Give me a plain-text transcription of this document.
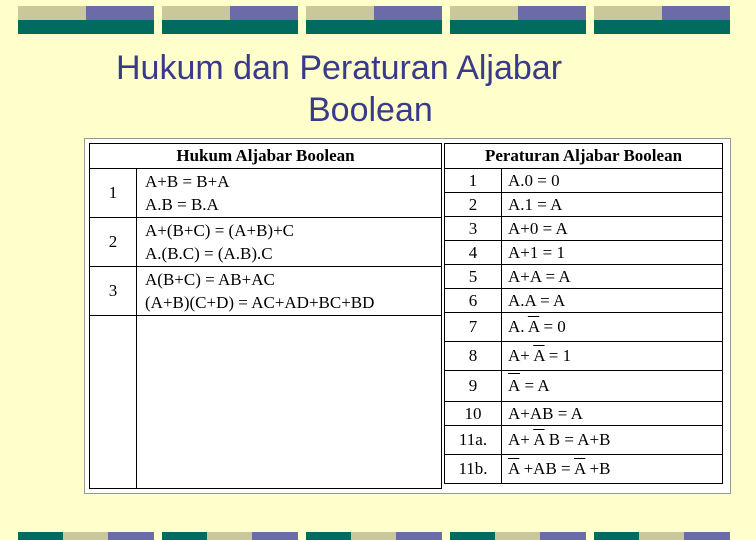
Hukum dan Peraturan Aljabar
Boolean
Hukum Aljabar Boolean	
1	A+B = B+A
A.B = B.A

2	A+(B+C) = (A+B)+C
A.(B.C) = (A.B).C

3	A(B+C) = AB+AC
(A+B)(C+D) = AC+AD+BC+BD

Peraturan Aljabar Boolean	
1	A.0 = 0
2	A.1 = A
3	A+0 = A
4	A+1 = 1
5	A+A = A
6	A.A = A
7	A. $\overline{A} = 0$
8	$A+ \overline{A} = 1$
9	A = A
10	A+AB = A
11a.	$A+ \overline{A}$ B = A+B
11b.	$\overline{A} +AB = \overline{A} +B$
